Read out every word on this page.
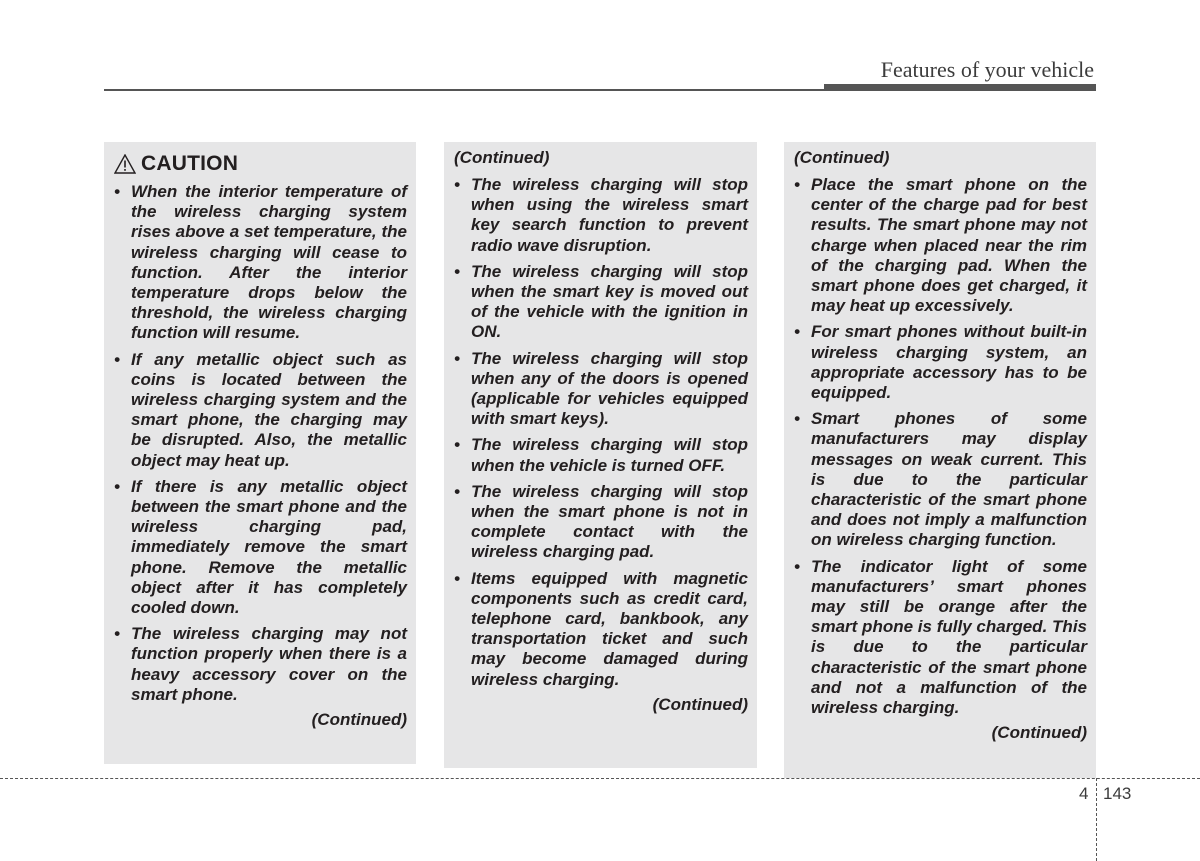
Features of your vehicle
CAUTION
• When the interior temperature of the wireless charging system rises above a set temperature, the wireless charging will cease to function. After the interior temperature drops below the threshold, the wireless charging function will resume.
• If any metallic object such as coins is located between the wireless charging system and the smart phone, the charging may be disrupted. Also, the metallic object may heat up.
• If there is any metallic object between the smart phone and the wireless charging pad, immediately remove the smart phone. Remove the metallic object after it has completely cooled down.
• The wireless charging may not function properly when there is a heavy accessory cover on the smart phone.
(Continued)
(Continued)
• The wireless charging will stop when using the wireless smart key search function to prevent radio wave disruption.
• The wireless charging will stop when the smart key is moved out of the vehicle with the ignition in ON.
• The wireless charging will stop when any of the doors is opened (applicable for vehicles equipped with smart keys).
• The wireless charging will stop when the vehicle is turned OFF.
• The wireless charging will stop when the smart phone is not in complete contact with the wireless charging pad.
• Items equipped with magnetic components such as credit card, telephone card, bankbook, any transportation ticket and such may become damaged during wireless charging.
(Continued)
(Continued)
• Place the smart phone on the center of the charge pad for best results. The smart phone may not charge when placed near the rim of the charging pad. When the smart phone does get charged, it may heat up excessively.
• For smart phones without built-in wireless charging system, an appropriate accessory has to be equipped.
• Smart phones of some manufacturers may display messages on weak current. This is due to the particular characteristic of the smart phone and does not imply a malfunction on wireless charging function.
• The indicator light of some manufacturers’ smart phones may still be orange after the smart phone is fully charged. This is due to the particular characteristic of the smart phone and not a malfunction of the wireless charging.
(Continued)
4 143
